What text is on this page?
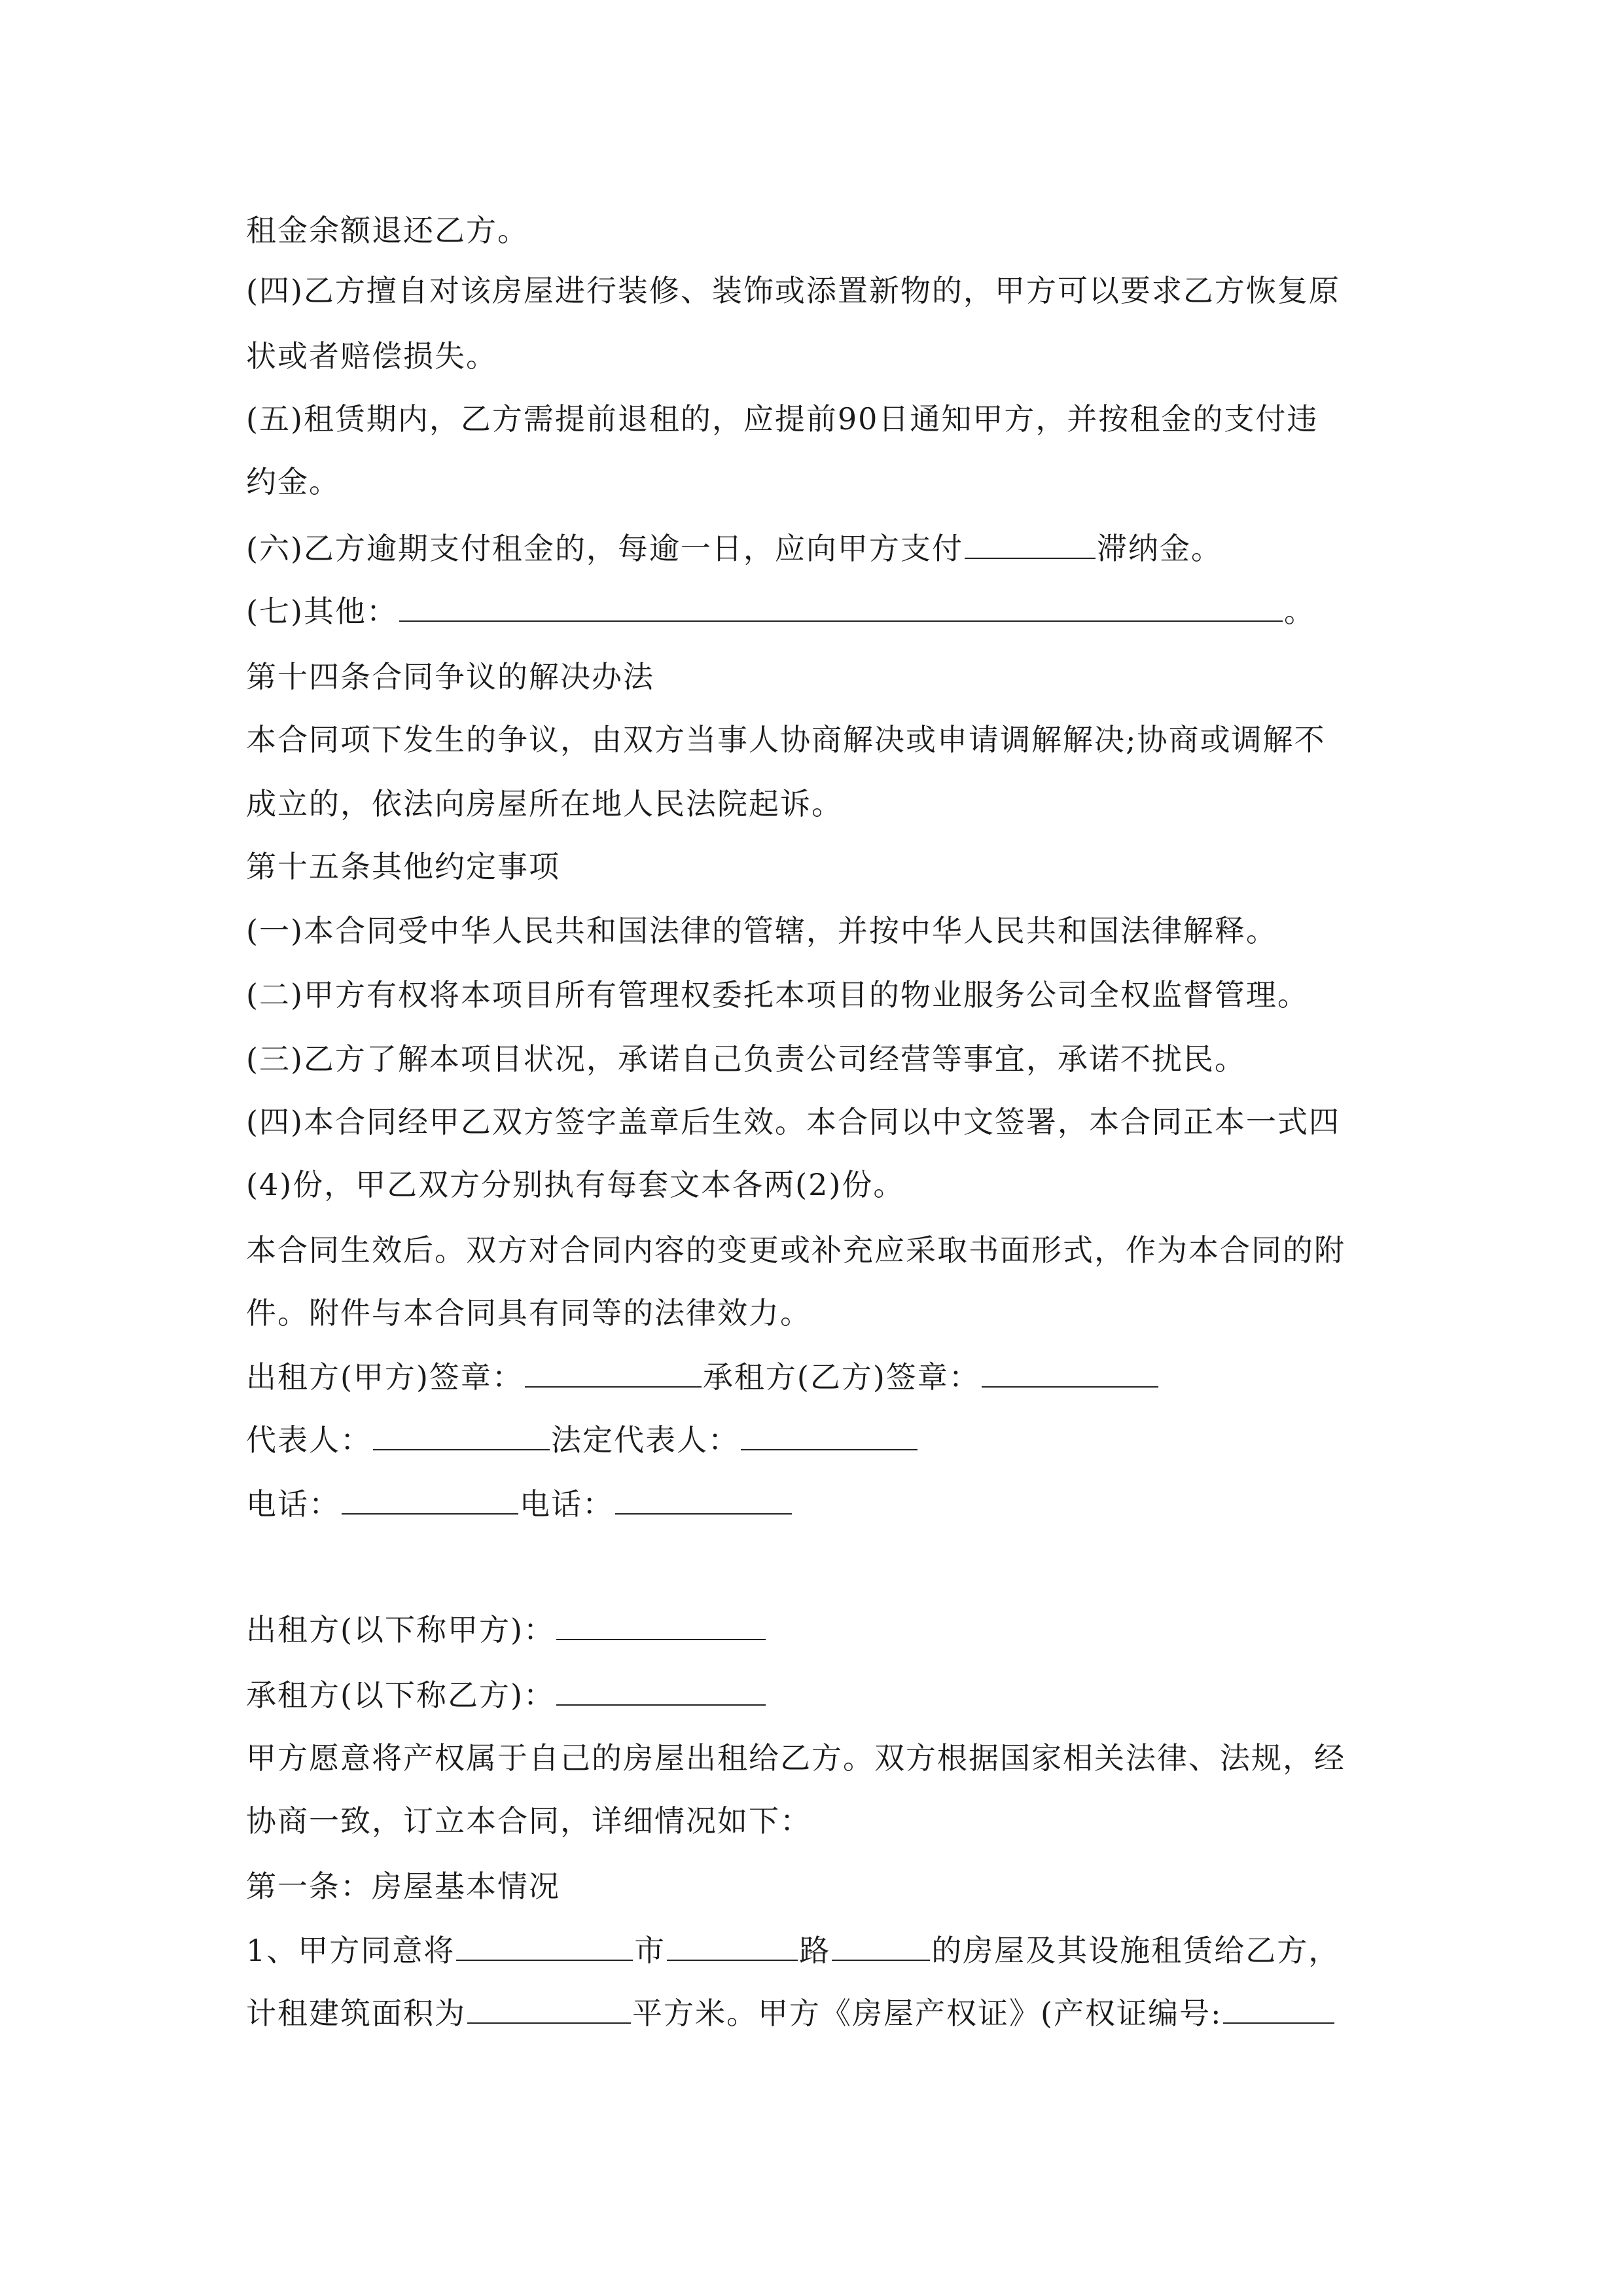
租金余额退还乙方。
(四)乙方擅自对该房屋进行装修、装饰或添置新物的，甲方可以要求乙方恢复原
状或者赔偿损失。
(五)租赁期内，乙方需提前退租的，应提前90日通知甲方，并按租金的支付违
约金。
(六)乙方逾期支付租金的，每逾一日，应向甲方支付	滞纳金。
(七)其他：	。
第十四条合同争议的解决办法
本合同项下发生的争议，由双方当事人协商解决或申请调解解决;协商或调解不
成立的，依法向房屋所在地人民法院起诉。
第十五条其他约定事项
(一)本合同受中华人民共和国法律的管辖，并按中华人民共和国法律解释。
(二)甲方有权将本项目所有管理权委托本项目的物业服务公司全权监督管理。
(三)乙方了解本项目状况，承诺自己负责公司经营等事宜，承诺不扰民。
(四)本合同经甲乙双方签字盖章后生效。本合同以中文签署，本合同正本一式四
(4)份，甲乙双方分别执有每套文本各两(2)份。
本合同生效后。双方对合同内容的变更或补充应采取书面形式，作为本合同的附
件。附件与本合同具有同等的法律效力。
出租方(甲方)签章：	承租方(乙方)签章：
代表人：	法定代表人：
电话：	电话：
出租方(以下称甲方)：
承租方(以下称乙方)：
甲方愿意将产权属于自己的房屋出租给乙方。双方根据国家相关法律、法规，经
协商一致，订立本合同，详细情况如下：
第一条：房屋基本情况
1、甲方同意将	市	路	的房屋及其设施租赁给乙方，
计租建筑面积为	平方米。甲方《房屋产权证》(产权证编号:
